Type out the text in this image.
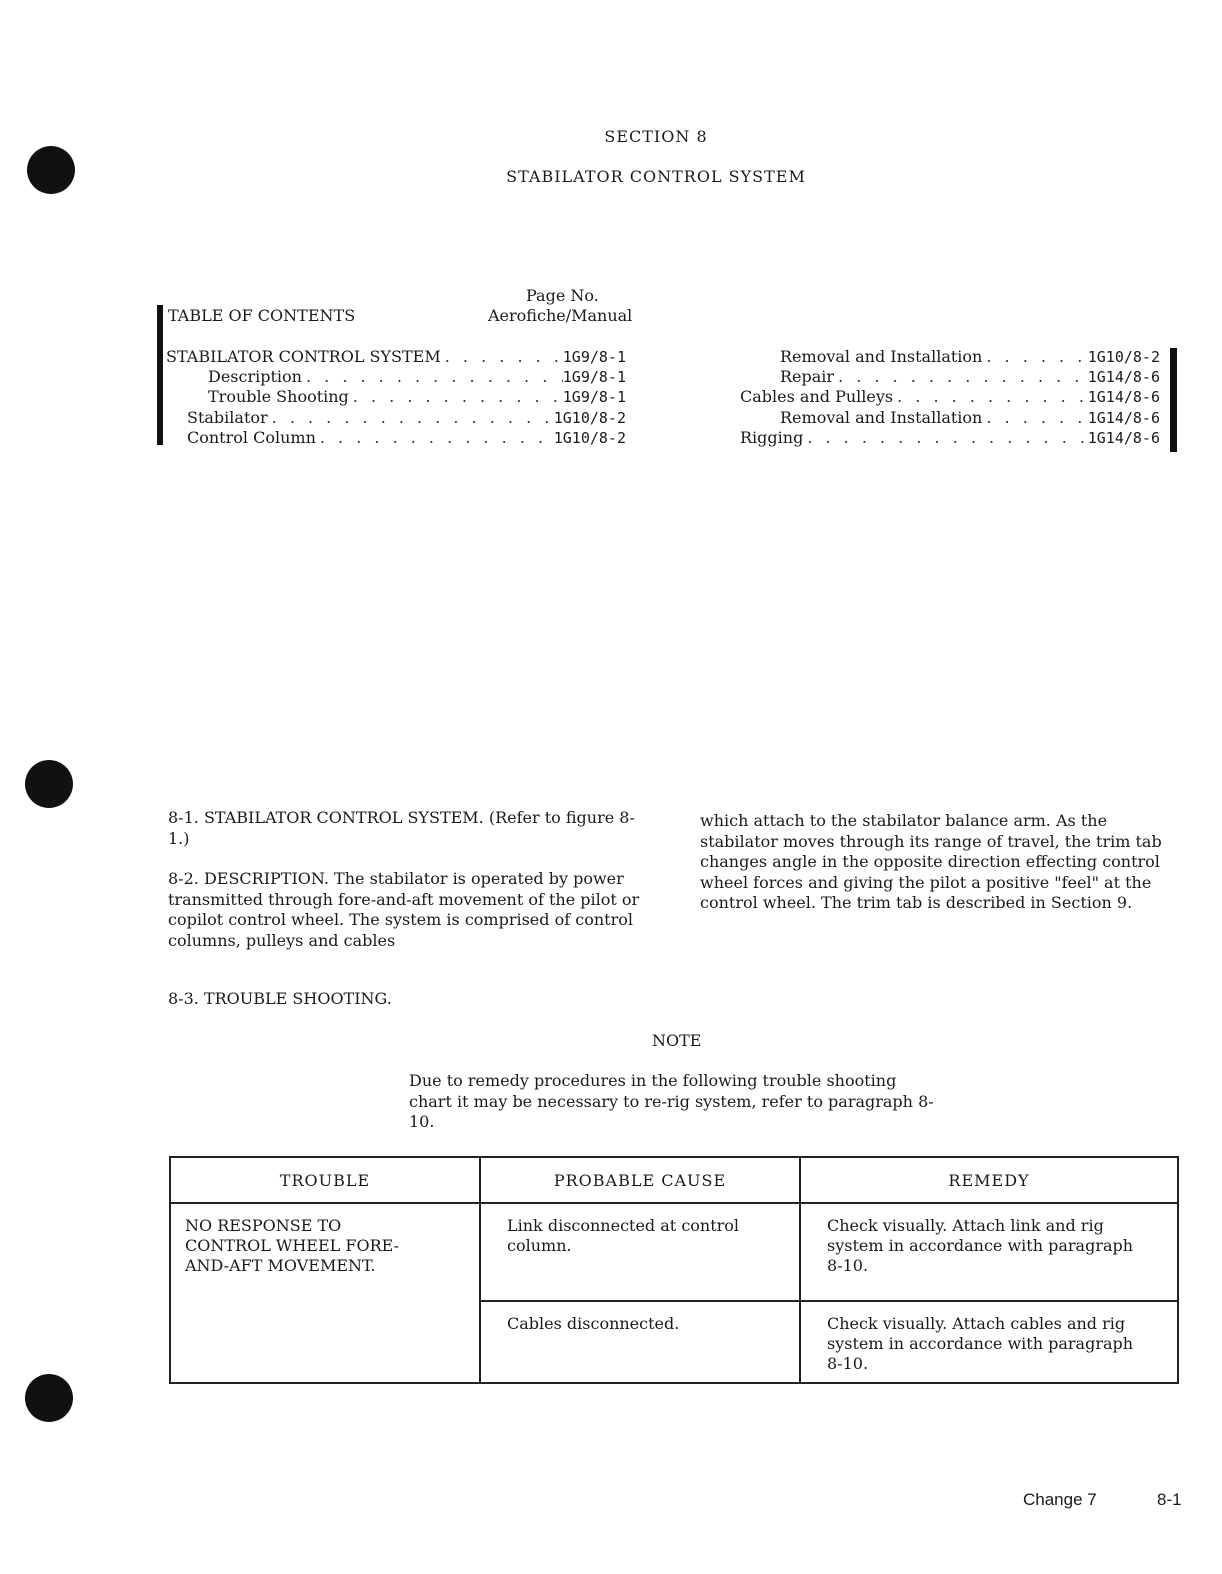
SECTION 8
STABILATOR CONTROL SYSTEM
TABLE OF CONTENTS
Page No.
Aerofiche/Manual
STABILATOR CONTROL SYSTEM . . .	1G9/8-1
Description . . .	1G9/8-1
Trouble Shooting . . .	1G9/8-1
Stabilator . . .	1G10/8-2
Control Column . . .	1G10/8-2
Removal and Installation . . .	1G10/8-2
Repair . . .	1G14/8-6
Cables and Pulleys . . .	1G14/8-6
Removal and Installation . . .	1G14/8-6
Rigging . . .	1G14/8-6
8-1. STABILATOR CONTROL SYSTEM. (Refer to figure 8-1.)
8-2. DESCRIPTION. The stabilator is operated by power transmitted through fore-and-aft movement of the pilot or copilot control wheel. The system is comprised of control columns, pulleys and cables
which attach to the stabilator balance arm. As the stabilator moves through its range of travel, the trim tab changes angle in the opposite direction effecting control wheel forces and giving the pilot a positive "feel" at the control wheel. The trim tab is described in Section 9.
8-3. TROUBLE SHOOTING.
NOTE
Due to remedy procedures in the following trouble shooting chart it may be necessary to re-rig system, refer to paragraph 8-10.
TROUBLE	PROBABLE CAUSE	REMEDY
NO RESPONSE TO CONTROL WHEEL FORE-AND-AFT MOVEMENT.	Link disconnected at control column.	Check visually. Attach link and rig system in accordance with paragraph 8-10.
	Cables disconnected.	Check visually. Attach cables and rig system in accordance with paragraph 8-10.
Change 7	8-1
